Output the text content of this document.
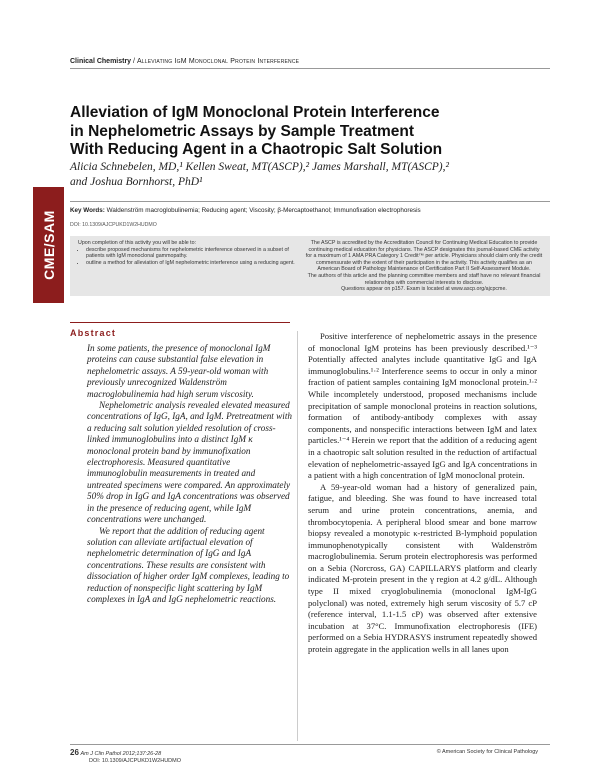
Clinical Chemistry / Alleviating IgM Monoclonal Protein Interference
Alleviation of IgM Monoclonal Protein Interference
in Nephelometric Assays by Sample Treatment
With Reducing Agent in a Chaotropic Salt Solution
Alicia Schnebelen, MD,¹ Kellen Sweat, MT(ASCP),² James Marshall, MT(ASCP),²
and Joshua Bornhorst, PhD¹
CME/SAM Key Words: Waldenström macroglobulinemia; Reducing agent; Viscosity; β-Mercaptoethanol; Immunofixation electrophoresis
DOI: 10.1309/AJCPUKD1W2HUDMO
Upon completion of this activity you will be able to:
• describe proposed mechanisms for nephelometric interference observed in a subset of patients with IgM monoclonal gammopathy.
• outline a method for alleviation of IgM nephelometric interference using a reducing agent.

The ASCP is accredited by the Accreditation Council for Continuing Medical Education to provide continuing medical education for physicians. The ASCP designates this journal-based CME activity for a maximum of 1 AMA PRA Category 1 Credit™ per article. Physicians should claim only the credit commensurate with the extent of their participation in the activity. This activity qualifies as an American Board of Pathology Maintenance of Certification Part II Self-Assessment Module.

The authors of this article and the planning committee members and staff have no relevant financial relationships with commercial interests to disclose.

Questions appear on p157. Exam is located at www.ascp.org/ajcpcme.

Abstract

In some patients, the presence of monoclonal IgM proteins can cause substantial false elevation in nephelometric assays. A 59-year-old woman with previously unrecognized Waldenström macroglobulinemia had high serum viscosity.

Nephelometric analysis revealed elevated measured concentrations of IgG, IgA, and IgM. Pretreatment with a reducing salt solution yielded resolution of cross-linked immunoglobulins into a distinct IgM κ monoclonal protein band by immunofixation electrophoresis. Measured quantitative immunoglobulin measurements in treated and untreated specimens were compared. An approximately 50% drop in IgG and IgA concentrations was observed in the presence of reducing agent, while IgM concentrations were unchanged.

We report that the addition of reducing agent solution can alleviate artifactual elevation of nephelometric determination of IgG and IgA concentrations. These results are consistent with dissociation of higher order IgM complexes, leading to reduction of nonspecific light scattering by IgM complexes in IgA and IgG nephelometric reactions.

Positive interference of nephelometric assays in the presence of monoclonal IgM proteins has been previously described.¹⁻³ Potentially affected analytes include quantitative IgG and IgA immunoglobulins.¹·² Interference seems to occur in only a minor fraction of patient samples containing IgM monoclonal protein.¹·² While incompletely understood, proposed mechanisms include precipitation of sample monoclonal proteins in reaction solutions, formation of antibody-antibody complexes with assay components, and nonspecific interactions between IgM and latex particles.¹⁻⁴ Herein we report that the addition of a reducing agent in a chaotropic salt solution resulted in the reduction of artifactual elevation of nephelometric-assayed IgG and IgA concentrations in a patient with a high concentration of IgM monoclonal protein.

A 59-year-old woman had a history of generalized pain, fatigue, and bleeding. She was found to have increased total serum and urine protein concentrations, anemia, and thrombocytopenia. A peripheral blood smear and bone marrow biopsy revealed a monotypic κ-restricted B-lymphoid population immunophenotypically consistent with Waldenström macroglobulinemia. Serum protein electrophoresis was performed on a Sebia (Norcross, GA) CAPILLARYS platform and clearly indicated M-protein present in the γ region at 4.2 g/dL. Although type II mixed cryoglobulinemia (monoclonal IgM-IgG polyclonal) was noted, extremely high serum viscosity of 5.7 cP (reference interval, 1.1-1.5 cP) was observed after extensive incubation at 37°C. Immunofixation electrophoresis (IFE) performed on a Sebia HYDRASYS instrument repeatedly showed protein aggregate in the application wells in all lanes upon

26 Am J Clin Pathol 2012;137:26-28
DOI: 10.1309/AJCPUKD1W2HUDMO
© American Society for Clinical Pathology
